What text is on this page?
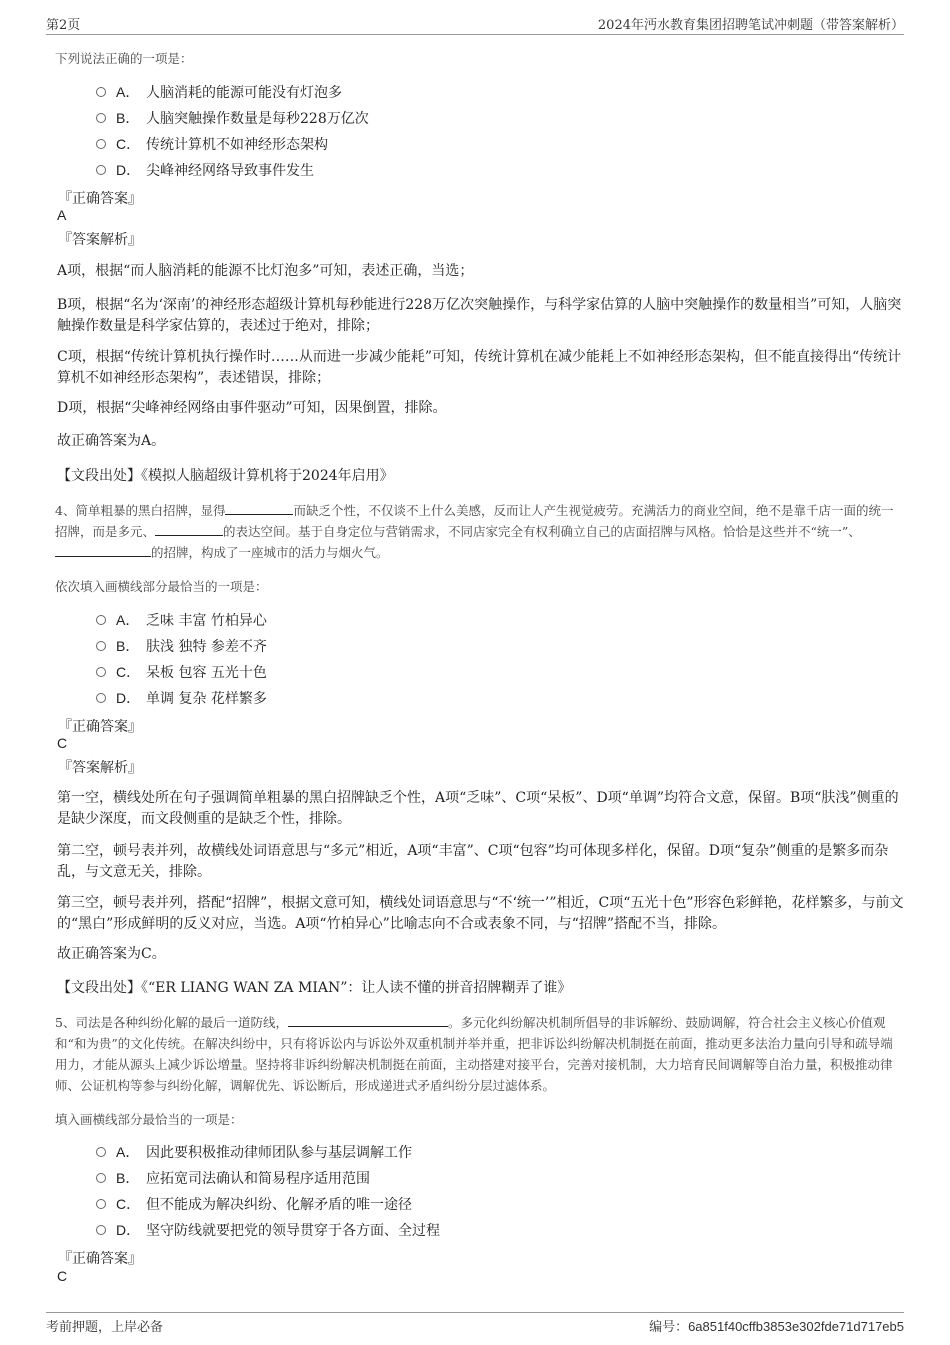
第2页	2024年沔水教育集团招聘笔试冲刺题（带答案解析）
下列说法正确的一项是：
A． 人脑消耗的能源可能没有灯泡多
B． 人脑突触操作数量是每秒228万亿次
C． 传统计算机不如神经形态架构
D． 尖峰神经网络导致事件发生
『正确答案』
A
『答案解析』
A项，根据“而人脑消耗的能源不比灯泡多”可知，表述正确，当选；
B项，根据“名为‘深南’的神经形态超级计算机每秒能进行228万亿次突触操作，与科学家估算的人脑中突触操作的数量相当”可知，人脑突触操作数量是科学家估算的，表述过于绝对，排除；
C项，根据“传统计算机执行操作时……从而进一步减少能耗”可知，传统计算机在减少能耗上不如神经形态架构，但不能直接得出“传统计算机不如神经形态架构”，表述错误，排除；
D项，根据“尖峰神经网络由事件驱动”可知，因果倒置，排除。
故正确答案为A。
【文段出处】《模拟人脑超级计算机将于2024年启用》
4、简单粗暴的黑白招牌，显得	而缺乏个性，不仅谈不上什么美感，反而让人产生视觉疲劳。充满活力的商业空间，绝不是靠千店一面的统一招牌，而是多元、	的表达空间。基于自身定位与营销需求，不同店家完全有权利确立自己的店面招牌与风格。恰恰是这些并不“统一”、的招牌，构成了一座城市的活力与烟火气。
依次填入画横线部分最恰当的一项是：
A． 乏味 丰富 竹柏异心
B． 肤浅 独特 参差不齐
C． 呆板 包容 五光十色
D． 单调 复杂 花样繁多
『正确答案』
C
『答案解析』
第一空，横线处所在句子强调简单粗暴的黑白招牌缺乏个性，A项“乏味”、C项“呆板”、D项“单调”均符合文意，保留。B项“肤浅”侧重的是缺少深度，而文段侧重的是缺乏个性，排除。
第二空，顿号表并列，故横线处词语意思与“多元”相近，A项“丰富”、C项“包容”均可体现多样化，保留。D项“复杂”侧重的是繁多而杂乱，与文意无关，排除。
第三空，顿号表并列，搭配“招牌”，根据文意可知，横线处词语意思与“不‘统一’”相近，C项“五光十色”形容色彩鲜艳，花样繁多，与前文的“黑白”形成鲜明的反义对应，当选。A项“竹柏异心”比喻志向不合或表象不同，与“招牌”搭配不当，排除。
故正确答案为C。
【文段出处】《“ER LIANG WAN ZA MIAN”：让人读不懂的拼音招牌糊弄了谁》
5、司法是各种纠纷化解的最后一道防线，	。多元化纠纷解决机制所倡导的非诉解纷、鼓励调解，符合社会主义核心价值观和“和为贵”的文化传统。在解决纠纷中，只有将诉讼内与诉讼外双重机制并举并重，把非诉讼纠纷解决机制挺在前面，推动更多法治力量向引导和疏导端用力，才能从源头上减少诉讼增量。坚持将非诉纠纷解决机制挺在前面，主动搭建对接平台，完善对接机制，大力培育民间调解等自治力量，积极推动律师、公证机构等参与纠纷化解，调解优先、诉讼断后，形成递进式矛盾纠纷分层过滤体系。
填入画横线部分最恰当的一项是：
A． 因此要积极推动律师团队参与基层调解工作
B． 应拓宽司法确认和简易程序适用范围
C． 但不能成为解决纠纷、化解矛盾的唯一途径
D． 坚守防线就要把党的领导贯穿于各方面、全过程
『正确答案』
C
考前押题，上岸必备	编号：6a851f40cffb3853e302fde71d717eb5
